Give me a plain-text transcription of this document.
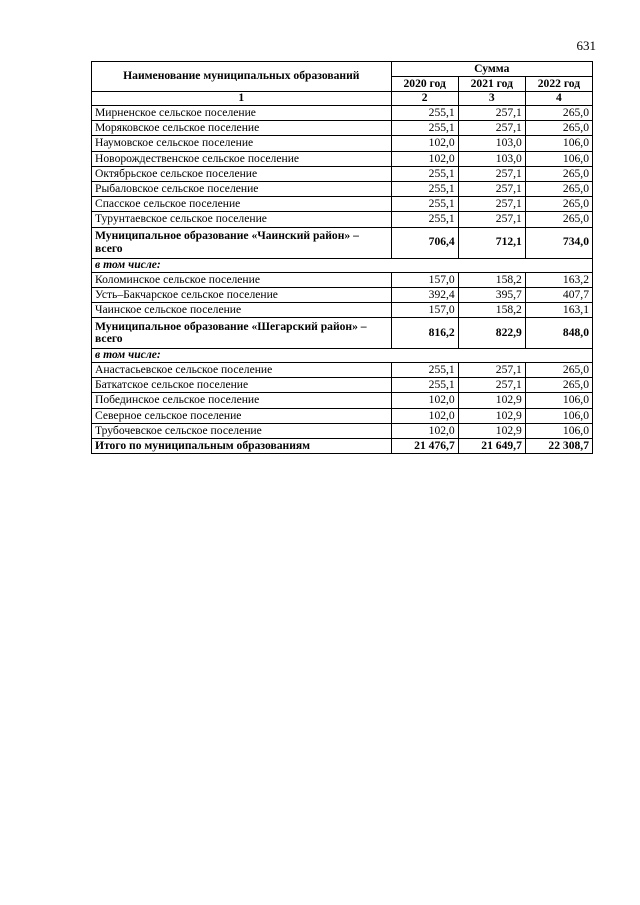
631
Наименование муниципальных образований	Сумма		
	2020 год	2021 год	2022 год
1	2	3	4
Мирненское сельское поселение	255,1	257,1	265,0
Моряковское сельское поселение	255,1	257,1	265,0
Наумовское сельское поселение	102,0	103,0	106,0
Новорождественское сельское поселение	102,0	103,0	106,0
Октябрьское сельское поселение	255,1	257,1	265,0
Рыбаловское сельское поселение	255,1	257,1	265,0
Спасское сельское поселение	255,1	257,1	265,0
Турунтаевское сельское поселение	255,1	257,1	265,0
Муниципальное образование «Чаинский район» – всего	706,4	712,1	734,0
в том числе:			
Коломинское сельское поселение	157,0	158,2	163,2
Усть–Бакчарское сельское поселение	392,4	395,7	407,7
Чаинское сельское поселение	157,0	158,2	163,1
Муниципальное образование «Шегарский район» – всего	816,2	822,9	848,0
в том числе:			
Анастасьевское сельское поселение	255,1	257,1	265,0
Баткатское сельское поселение	255,1	257,1	265,0
Побединское сельское поселение	102,0	102,9	106,0
Северное сельское поселение	102,0	102,9	106,0
Трубочевское сельское поселение	102,0	102,9	106,0
Итого по муниципальным образованиям	21 476,7	21 649,7	22 308,7
